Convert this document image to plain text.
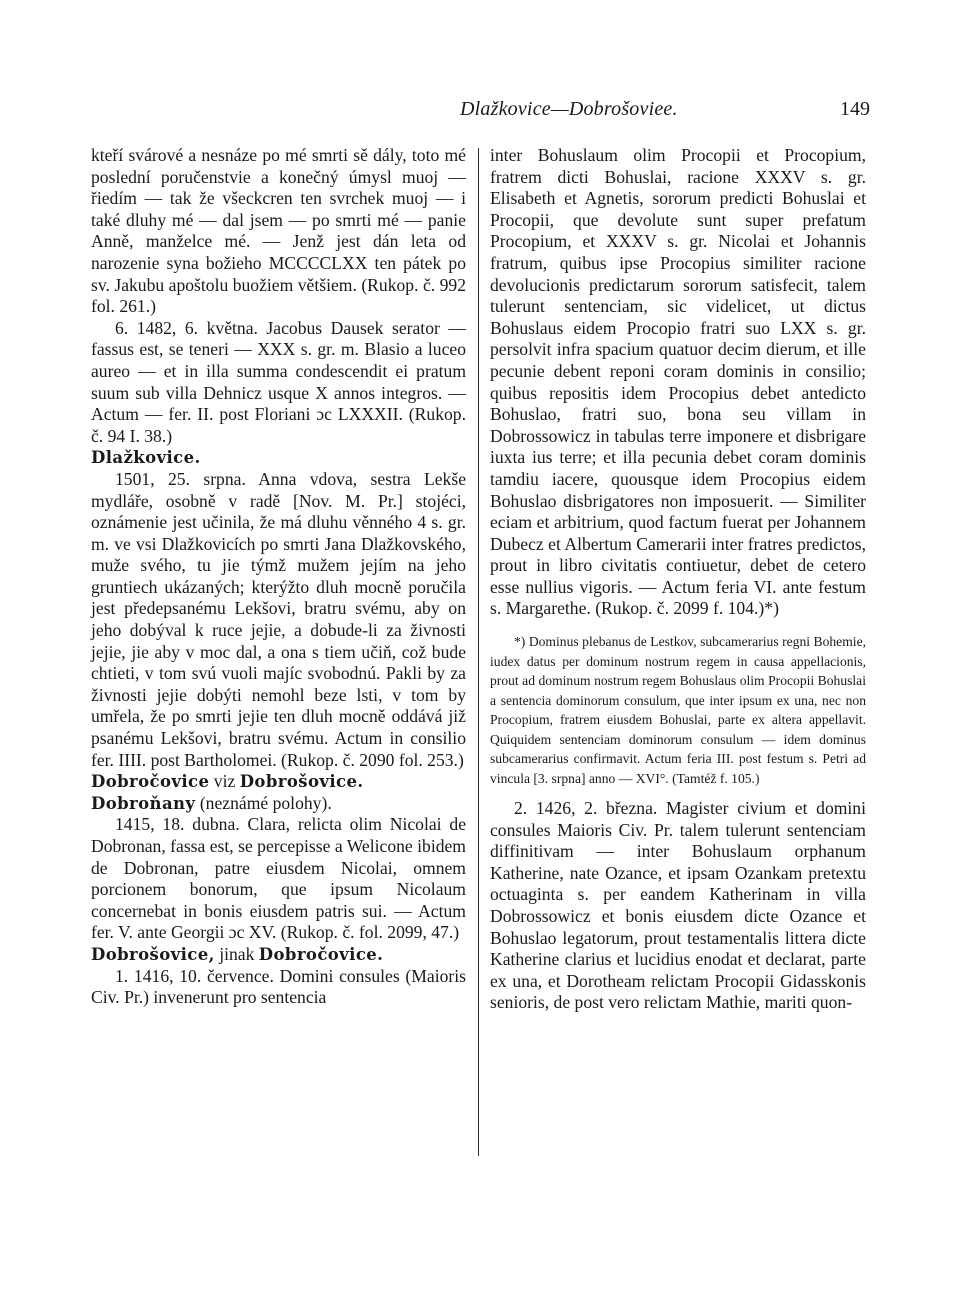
Dlažkovice—Dobrošoviee.	149

kteří svárové a nesnáze po mé smrti sě dály, toto mé poslední poručenstvie a konečný úmysl muoj — řiedím — tak že všeckcren ten svrchek muoj — i také dluhy mé — dal jsem — po smrti mé — panie Anně, manželce mé. — Jenž jest dán leta od narozenie syna božieho MCCCCLXX ten pátek po sv. Jakubu apoštolu buožiem většiem. (Rukop. č. 992 fol. 261.)

6. 1482, 6. května. Jacobus Dausek serator — fassus est, se teneri — XXX s. gr. m. Blasio a luceo aureo — et in illa summa condescendit ei pratum suum sub villa Dehnicz usque X annos integros. — Actum — fer. II. post Floriani ɔc LXXXII. (Rukop. č. 94 I. 38.)

Dlažkovice.

1501, 25. srpna. Anna vdova, sestra Lekše mydlářе, osobně v radě [Nov. M. Pr.] stojéci, oznámenie jest učinila, že má dluhu věnného 4 s. gr. m. ve vsi Dlažkovicích po smrti Jana Dlažkovského, muže svého, tu jie týmž mužem jejím na jeho gruntiech ukázaných; kterýžto dluh mocně poručila jest předepsanému Lekšovi, bratru svému, aby on jeho dobýval k ruce jejie, a dobude-li za živnosti jejie, jie aby v moc dal, a ona s tiem učiň, což bude chtieti, v tom svú vuoli majíc svobodnú. Pakli by za živnosti jejie dobýti nemohl beze lsti, v tom by umřela, že po smrti jejie ten dluh mocně oddává již psanému Lekšovi, bratru svému. Actum in consilio fer. IIII. post Bartholomei. (Rukop. č. 2090 fol. 253.)

Dobročovice viz Dobrošovice.

Dobroňany (neznámé polohy).

1415, 18. dubna. Clara, relicta olim Nicolai de Dobronan, fassa est, se percepisse a Welicone ibidem de Dobronan, patre eiusdem Nicolai, omnem porcionem bonorum, que ipsum Nicolaum concernebat in bonis eiusdem patris sui. — Actum fer. V. ante Georgii ɔc XV. (Rukop. č. fol. 2099, 47.)

Dobrošovice, jinak Dobročovice.

1. 1416, 10. července. Domini consules (Maioris Civ. Pr.) invenerunt pro sentencia

inter Bohuslaum olim Procopii et Procopium, fratrem dicti Bohuslai, racione XXXV s. gr. Elisabeth et Agnetis, sororum predicti Bohuslai et Procopii, que devolute sunt super prefatum Procopium, et XXXV s. gr. Nicolai et Johannis fratrum, quibus ipse Procopius similiter racione devolucionis predictarum sororum satisfecit, talem tulerunt sentenciam, sic videlicet, ut dictus Bohuslaus eidem Procopio fratri suo LXX s. gr. persolvit infra spacium quatuor decim dierum, et ille pecunie debent reponi coram dominis in consilio; quibus repositis idem Procopius debet antedicto Bohuslao, fratri suo, bona seu villam in Dobrossowicz in tabulas terre imponere et disbrigare iuxta ius terre; et illa pecunia debet coram dominis tamdiu iacere, quousque idem Procopius eidem Bohuslao disbrigatores non imposuerit. — Similiter eciam et arbitrium, quod factum fuerat per Johannem Dubecz et Albertum Camerarii inter fratres predictos, prout in libro civitatis contiuetur, debet de cetero esse nullius vigoris. — Actum feria VI. ante festum s. Margarethe. (Rukop. č. 2099 f. 104.)*)

*) Dominus plebanus de Lestkov, subcamerarius regni Bohemie, iudex datus per dominum nostrum regem in causa appellacionis, prout ad dominum nostrum regem Bohuslaus olim Procopii Bohuslai a sentencia dominorum consulum, que inter ipsum ex una, nec non Procopium, fratrem eiusdem Bohuslai, parte ex altera appellavit. Quiquidem sentenciam dominorum consulum — idem dominus subcamerarius confirmavit. Actum feria III. post festum s. Petri ad vincula [3. srpna] anno — XVI°. (Tamtéž f. 105.)

2. 1426, 2. března. Magister civium et domini consules Maioris Civ. Pr. talem tulerunt sentenciam diffinitivam — inter Bohuslaum orphanum Katherine, nate Ozance, et ipsam Ozankam pretextu octuaginta s. per eandem Katherinam in villa Dobrossowicz et bonis eiusdem dicte Ozance et Bohuslao legatorum, prout testamentalis littera dicte Katherine clarius et lucidius enodat et declarat, parte ex una, et Dorotheam relictam Procopii Gidasskonis senioris, de post vero relictam Mathie, mariti quon-
